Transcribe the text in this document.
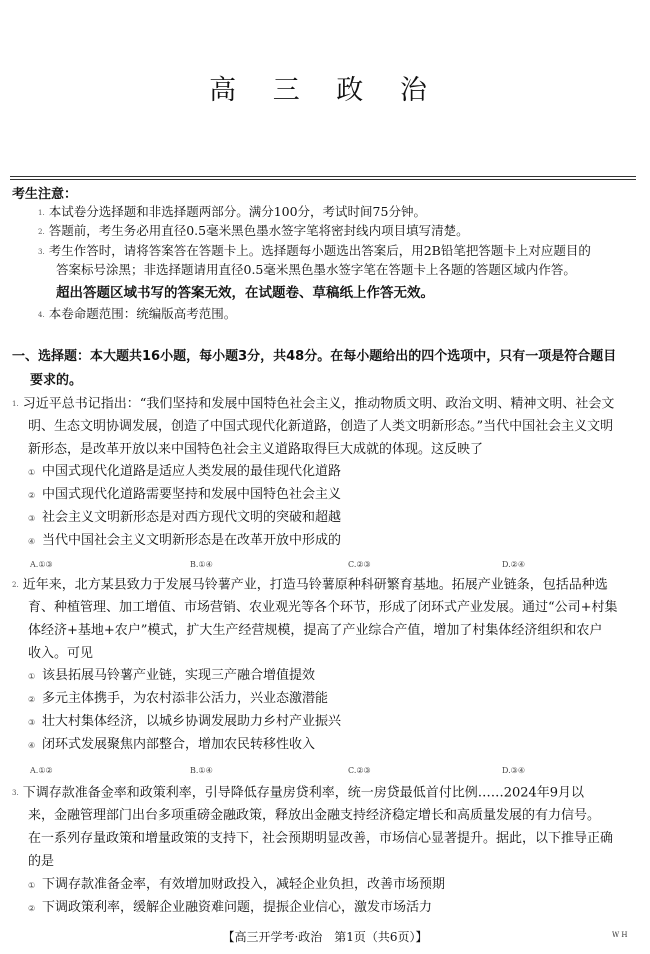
高 三 政 治
考生注意：
1. 本试卷分选择题和非选择题两部分。满分100分，考试时间75分钟。
2. 答题前，考生务必用直径0.5毫米黑色墨水签字笔将密封线内项目填写清楚。
3. 考生作答时，请将答案答在答题卡上。选择题每小题选出答案后，用2B铅笔把答题卡上对应题目的
答案标号涂黑；非选择题请用直径0.5毫米黑色墨水签字笔在答题卡上各题的答题区域内作答。
超出答题区域书写的答案无效，在试题卷、草稿纸上作答无效。
4. 本卷命题范围：统编版高考范围。
一、选择题：本大题共16小题，每小题3分，共48分。在每小题给出的四个选项中，只有一项是符合题目
要求的。
1. 习近平总书记指出：“我们坚持和发展中国特色社会主义，推动物质文明、政治文明、精神文明、社会文
明、生态文明协调发展，创造了中国式现代化新道路，创造了人类文明新形态。”当代中国社会主义文明
新形态，是改革开放以来中国特色社会主义道路取得巨大成就的体现。这反映了
① 中国式现代化道路是适应人类发展的最佳现代化道路
② 中国式现代化道路需要坚持和发展中国特色社会主义
③ 社会主义文明新形态是对西方现代文明的突破和超越
④ 当代中国社会主义文明新形态是在改革开放中形成的
A.①③	B.①④	C.②③	D.②④
2. 近年来，北方某县致力于发展马铃薯产业，打造马铃薯原种科研繁育基地。拓展产业链条，包括品种选
育、种植管理、加工增值、市场营销、农业观光等各个环节，形成了闭环式产业发展。通过“公司+村集
体经济+基地+农户”模式，扩大生产经营规模，提高了产业综合产值，增加了村集体经济组织和农户
收入。可见
① 该县拓展马铃薯产业链，实现三产融合增值提效
② 多元主体携手，为农村添非公活力，兴业态激潜能
③ 壮大村集体经济，以城乡协调发展助力乡村产业振兴
④ 闭环式发展聚焦内部整合，增加农民转移性收入
A.①②	B.①④	C.②③	D.③④
3. 下调存款准备金率和政策利率，引导降低存量房贷利率，统一房贷最低首付比例……2024年9月以
来，金融管理部门出台多项重磅金融政策，释放出金融支持经济稳定增长和高质量发展的有力信号。
在一系列存量政策和增量政策的支持下，社会预期明显改善，市场信心显著提升。据此，以下推导正确
的是
① 下调存款准备金率，有效增加财政投入，减轻企业负担，改善市场预期
② 下调政策利率，缓解企业融资难问题，提振企业信心，激发市场活力
【高三开学考·政治　第1页（共6页）】	W H
